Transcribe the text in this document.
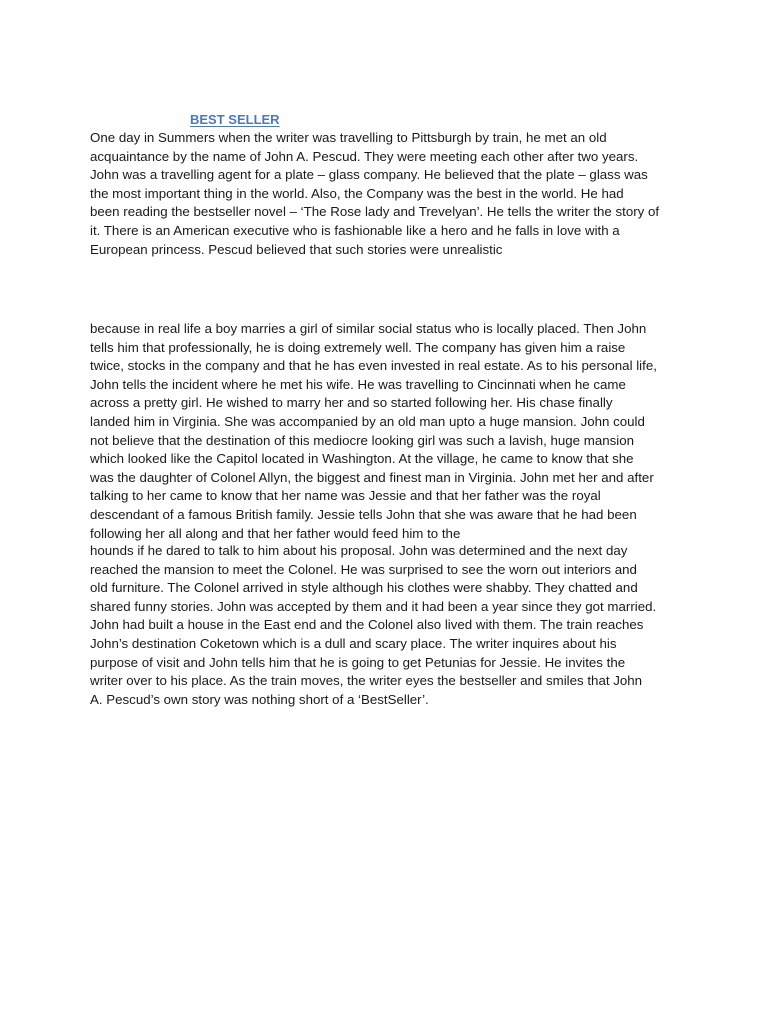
BEST SELLER

One day in Summers when the writer was travelling to Pittsburgh by train, he met an old
acquaintance by the name of John A. Pescud. They were meeting each other after two years.
John was a travelling agent for a plate – glass company. He believed that the plate – glass was
the most important thing in the world. Also, the Company was the best in the world. He had
been reading the bestseller novel – ‘The Rose lady and Trevelyan’. He tells the writer the story of
it. There is an American executive who is fashionable like a hero and he falls in love with a
European princess. Pescud believed that such stories were unrealistic

because in real life a boy marries a girl of similar social status who is locally placed. Then John
tells him that professionally, he is doing extremely well. The company has given him a raise
twice, stocks in the company and that he has even invested in real estate. As to his personal life,
John tells the incident where he met his wife. He was travelling to Cincinnati when he came
across a pretty girl. He wished to marry her and so started following her. His chase finally
landed him in Virginia. She was accompanied by an old man upto a huge mansion. John could
not believe that the destination of this mediocre looking girl was such a lavish, huge mansion
which looked like the Capitol located in Washington. At the village, he came to know that she
was the daughter of Colonel Allyn, the biggest and finest man in Virginia. John met her and after
talking to her came to know that her name was Jessie and that her father was the royal
descendant of a famous British family. Jessie tells John that she was aware that he had been
following her all along and that her father would feed him to the

hounds if he dared to talk to him about his proposal. John was determined and the next day
reached the mansion to meet the Colonel. He was surprised to see the worn out interiors and
old furniture. The Colonel arrived in style although his clothes were shabby. They chatted and
shared funny stories. John was accepted by them and it had been a year since they got married.
John had built a house in the East end and the Colonel also lived with them. The train reaches
John’s destination Coketown which is a dull and scary place. The writer inquires about his
purpose of visit and John tells him that he is going to get Petunias for Jessie. He invites the
writer over to his place. As the train moves, the writer eyes the bestseller and smiles that John
A. Pescud’s own story was nothing short of a ‘BestSeller’.
